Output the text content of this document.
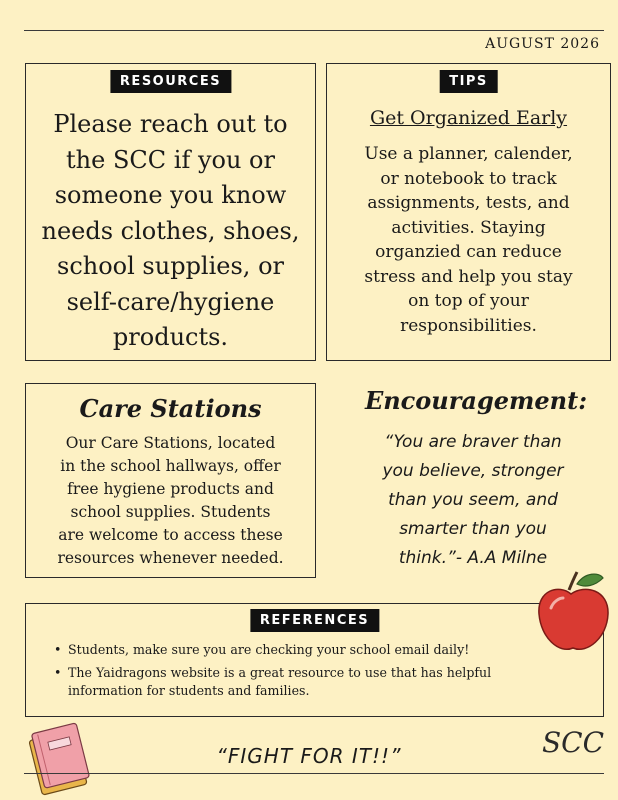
AUGUST 2026
RESOURCES
Please reach out to
the SCC if you or
someone you know
needs clothes, shoes,
school supplies, or
self-care/hygiene
products.
TIPS
Get Organized Early
Use a planner, calender,
or notebook to track
assignments, tests, and
activities. Staying
organzied can reduce
stress and help you stay
on top of your
responsibilities.
Care Stations
Our Care Stations, located
in the school hallways, offer
free hygiene products and
school supplies. Students
are welcome to access these
resources whenever needed.
Encouragement:
“You are braver than
you believe, stronger
than you seem, and
smarter than you
think.”- A.A Milne
REFERENCES
• Students, make sure you are checking your school email daily!
• The Yaidragons website is a great resource to use that has helpful
information for students and families.
“FIGHT FOR IT!!”	SCC
